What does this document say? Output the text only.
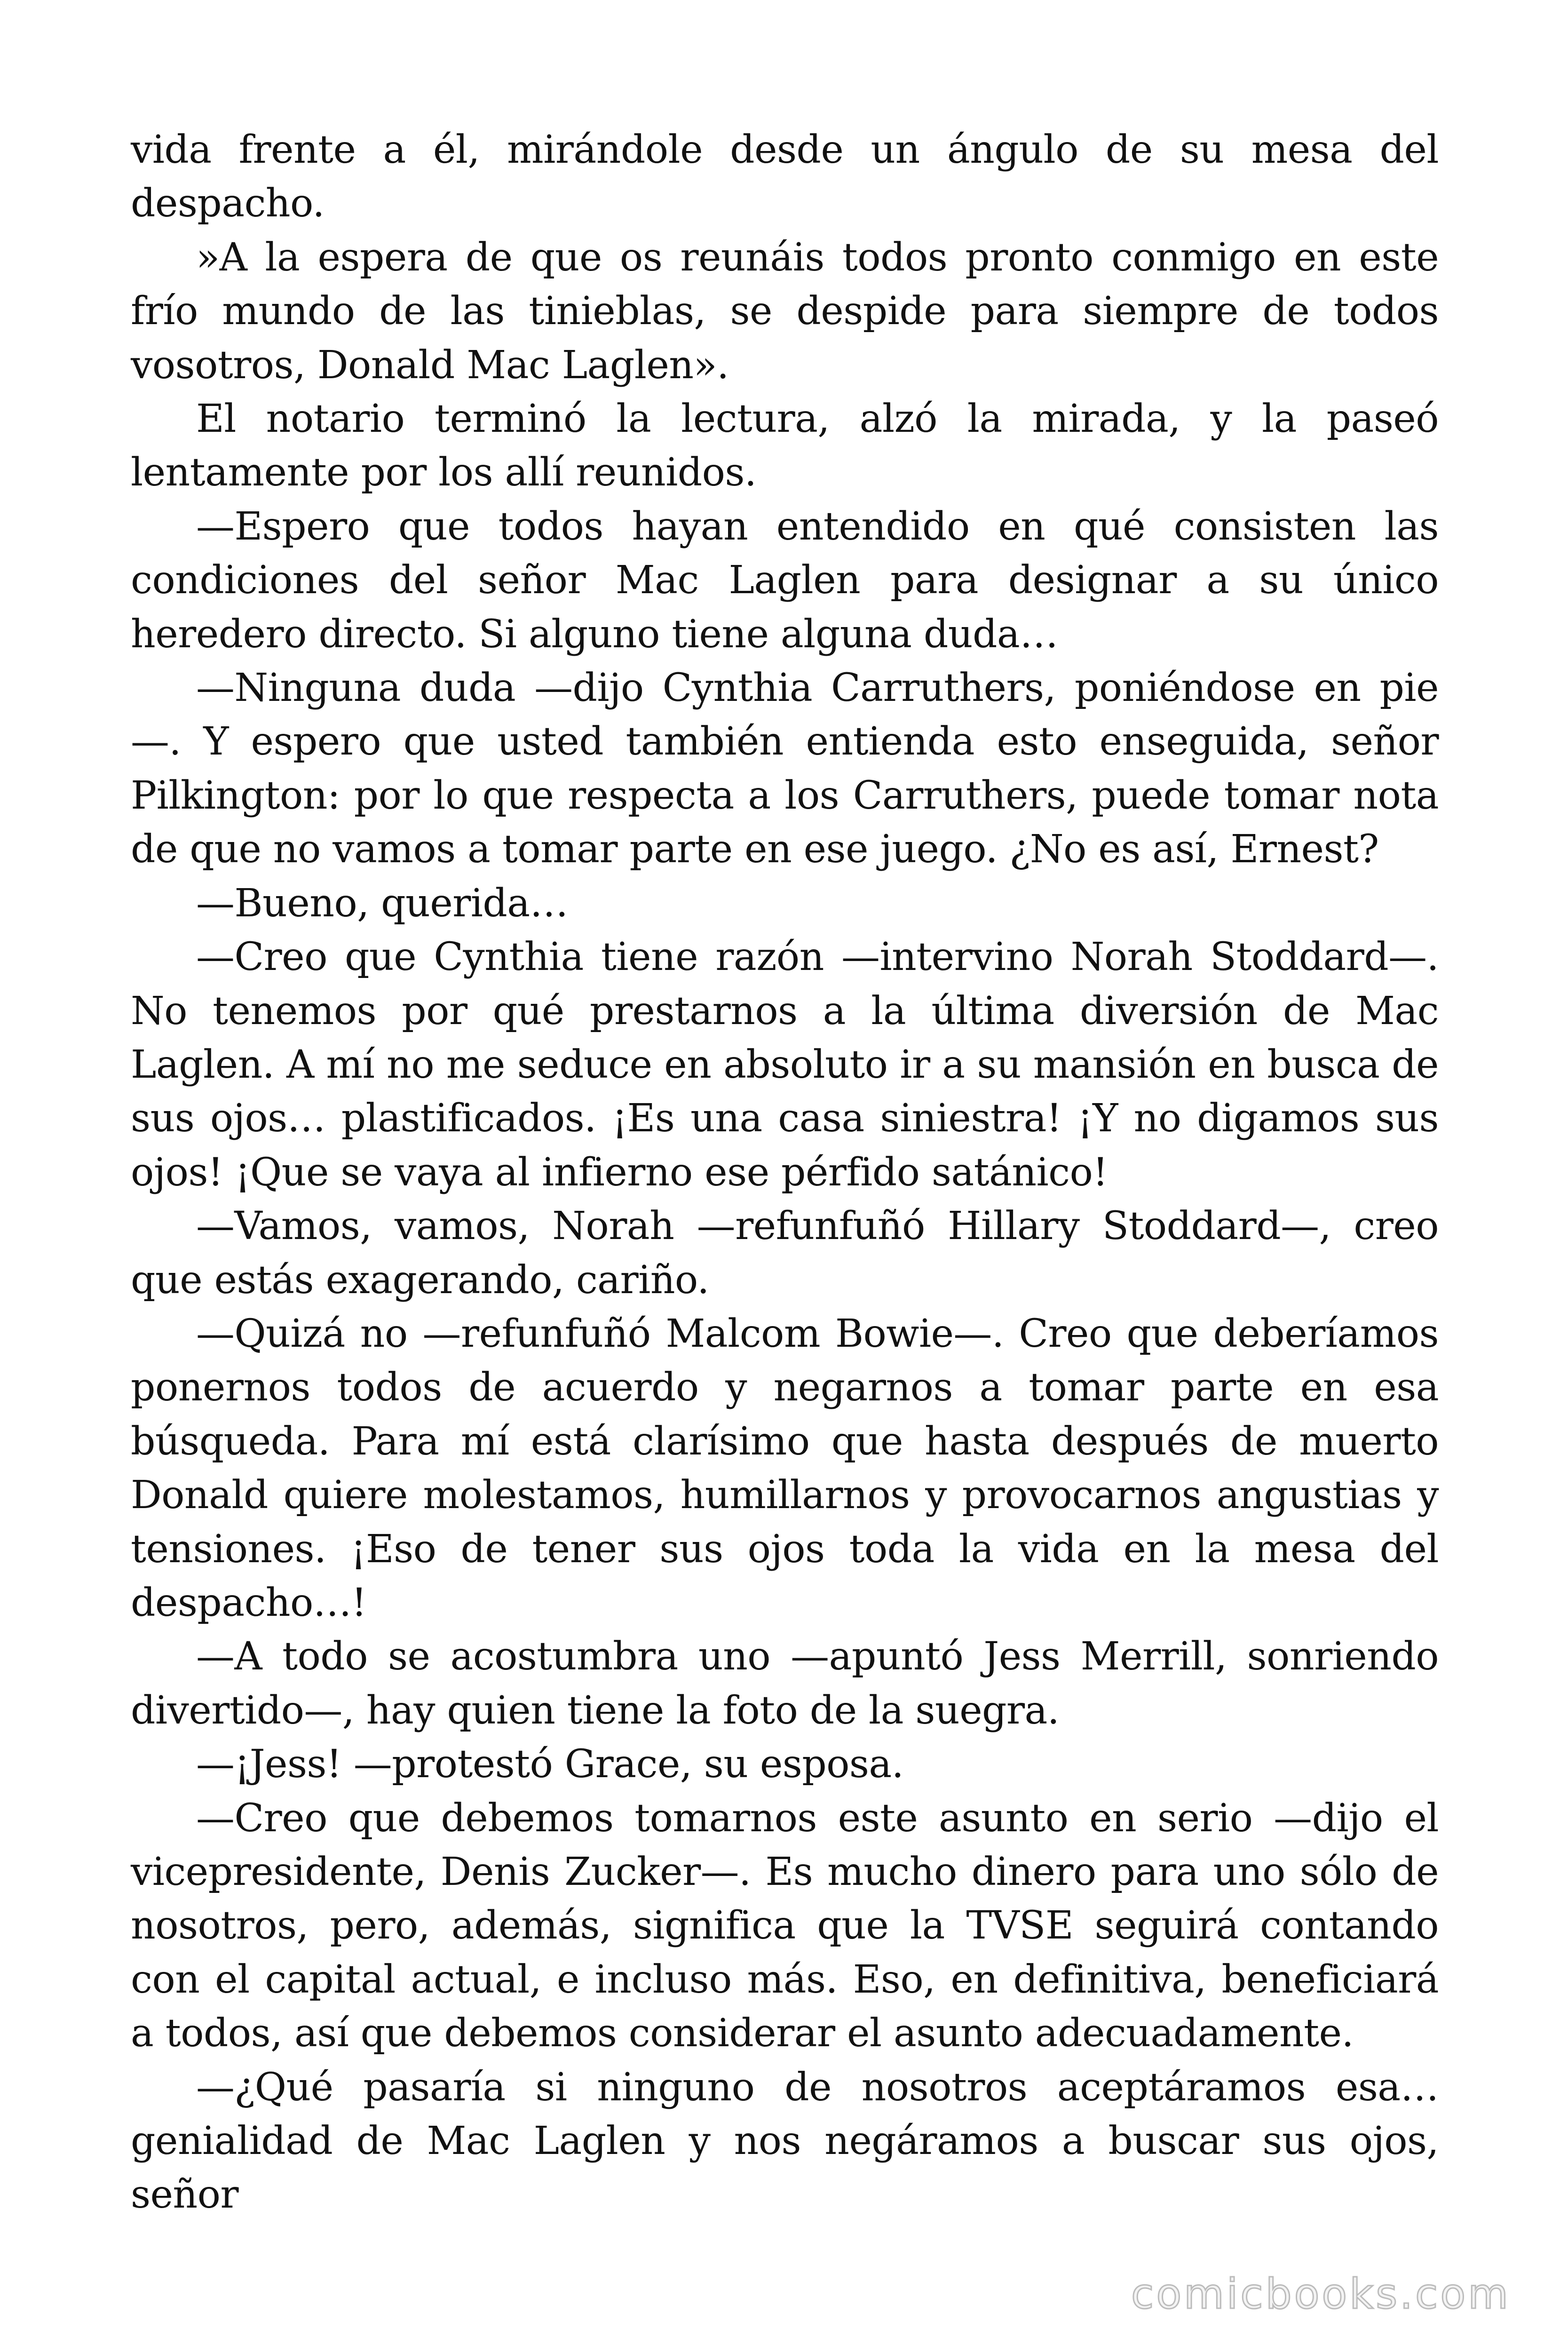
vida frente a él, mirándole desde un ángulo de su mesa del despacho.

»A la espera de que os reunáis todos pronto conmigo en este frío mundo de las tinieblas, se despide para siempre de todos vosotros, Donald Mac Laglen».

El notario terminó la lectura, alzó la mirada, y la paseó lentamente por los allí reunidos.

—Espero que todos hayan entendido en qué consisten las condiciones del señor Mac Laglen para designar a su único heredero directo. Si alguno tiene alguna duda…

—Ninguna duda —dijo Cynthia Carruthers, poniéndose en pie—. Y espero que usted también entienda esto enseguida, señor Pilkington: por lo que respecta a los Carruthers, puede tomar nota de que no vamos a tomar parte en ese juego. ¿No es así, Ernest?

—Bueno, querida…

—Creo que Cynthia tiene razón —intervino Norah Stoddard—. No tenemos por qué prestarnos a la última diversión de Mac Laglen. A mí no me seduce en absoluto ir a su mansión en busca de sus ojos… plastificados. ¡Es una casa siniestra! ¡Y no digamos sus ojos! ¡Que se vaya al infierno ese pérfido satánico!

—Vamos, vamos, Norah —refunfuñó Hillary Stoddard—, creo que estás exagerando, cariño.

—Quizá no —refunfuñó Malcom Bowie—. Creo que deberíamos ponernos todos de acuerdo y negarnos a tomar parte en esa búsqueda. Para mí está clarísimo que hasta después de muerto Donald quiere molestamos, humillarnos y provocarnos angustias y tensiones. ¡Eso de tener sus ojos toda la vida en la mesa del despacho…!

—A todo se acostumbra uno —apuntó Jess Merrill, sonriendo divertido—, hay quien tiene la foto de la suegra.

—¡Jess! —protestó Grace, su esposa.

—Creo que debemos tomarnos este asunto en serio —dijo el vicepresidente, Denis Zucker—. Es mucho dinero para uno sólo de nosotros, pero, además, significa que la TVSE seguirá contando con el capital actual, e incluso más. Eso, en definitiva, beneficiará a todos, así que debemos considerar el asunto adecuadamente.

—¿Qué pasaría si ninguno de nosotros aceptáramos esa… genialidad de Mac Laglen y nos negáramos a buscar sus ojos, señor

comicbooks.com
